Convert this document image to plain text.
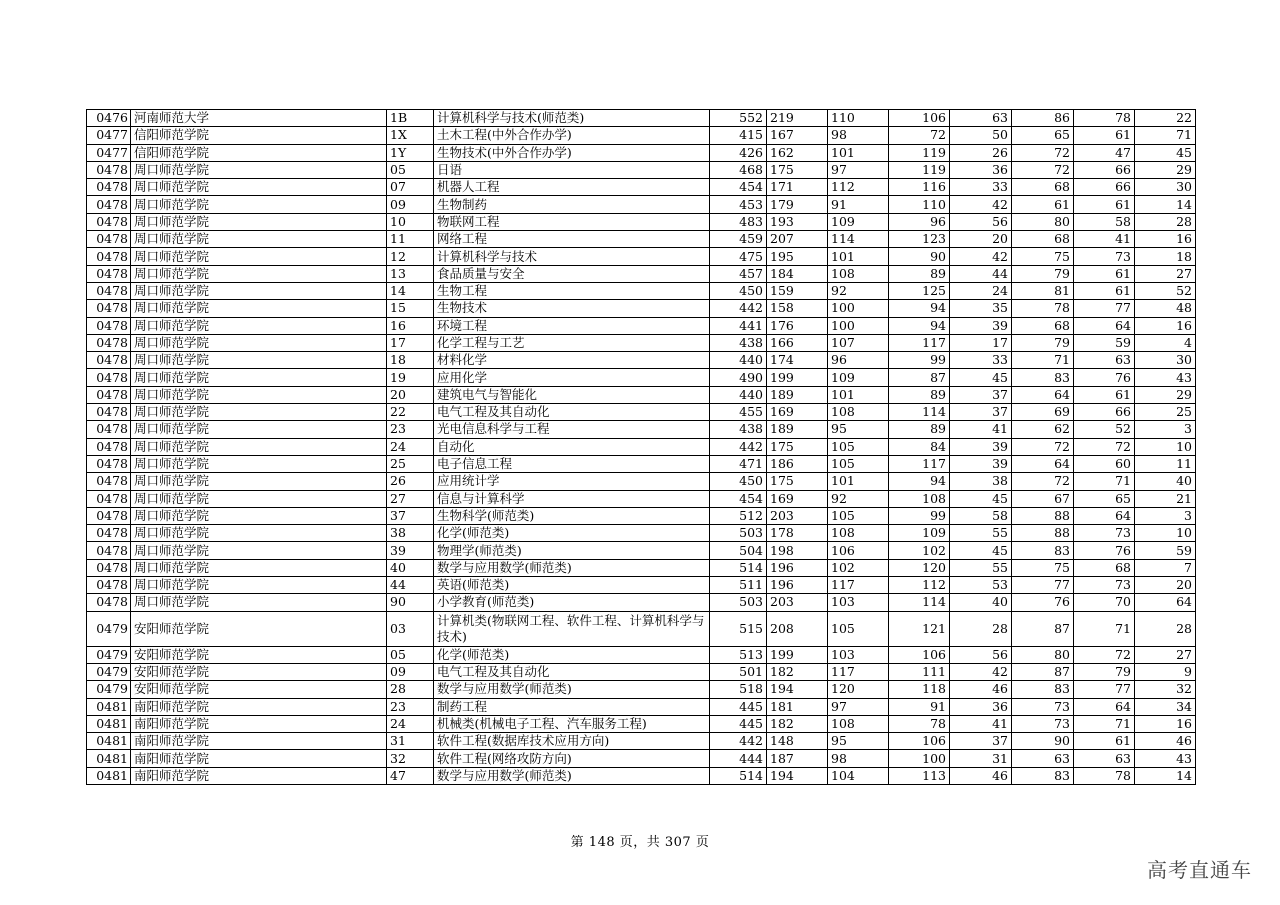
0476	河南师范大学	1B	计算机科学与技术(师范类)	552	219	110	106	63	86	78	22
0477	信阳师范学院	1X	土木工程(中外合作办学)	415	167	98	72	50	65	61	71
0477	信阳师范学院	1Y	生物技术(中外合作办学)	426	162	101	119	26	72	47	45
0478	周口师范学院	05	日语	468	175	97	119	36	72	66	29
0478	周口师范学院	07	机器人工程	454	171	112	116	33	68	66	30
0478	周口师范学院	09	生物制药	453	179	91	110	42	61	61	14
0478	周口师范学院	10	物联网工程	483	193	109	96	56	80	58	28
0478	周口师范学院	11	网络工程	459	207	114	123	20	68	41	16
0478	周口师范学院	12	计算机科学与技术	475	195	101	90	42	75	73	18
0478	周口师范学院	13	食品质量与安全	457	184	108	89	44	79	61	27
0478	周口师范学院	14	生物工程	450	159	92	125	24	81	61	52
0478	周口师范学院	15	生物技术	442	158	100	94	35	78	77	48
0478	周口师范学院	16	环境工程	441	176	100	94	39	68	64	16
0478	周口师范学院	17	化学工程与工艺	438	166	107	117	17	79	59	4
0478	周口师范学院	18	材料化学	440	174	96	99	33	71	63	30
0478	周口师范学院	19	应用化学	490	199	109	87	45	83	76	43
0478	周口师范学院	20	建筑电气与智能化	440	189	101	89	37	64	61	29
0478	周口师范学院	22	电气工程及其自动化	455	169	108	114	37	69	66	25
0478	周口师范学院	23	光电信息科学与工程	438	189	95	89	41	62	52	3
0478	周口师范学院	24	自动化	442	175	105	84	39	72	72	10
0478	周口师范学院	25	电子信息工程	471	186	105	117	39	64	60	11
0478	周口师范学院	26	应用统计学	450	175	101	94	38	72	71	40
0478	周口师范学院	27	信息与计算科学	454	169	92	108	45	67	65	21
0478	周口师范学院	37	生物科学(师范类)	512	203	105	99	58	88	64	3
0478	周口师范学院	38	化学(师范类)	503	178	108	109	55	88	73	10
0478	周口师范学院	39	物理学(师范类)	504	198	106	102	45	83	76	59
0478	周口师范学院	40	数学与应用数学(师范类)	514	196	102	120	55	75	68	7
0478	周口师范学院	44	英语(师范类)	511	196	117	112	53	77	73	20
0478	周口师范学院	90	小学教育(师范类)	503	203	103	114	40	76	70	64
0479	安阳师范学院	03	计算机类(物联网工程、软件工程、计算机科学与技术)	515	208	105	121	28	87	71	28
0479	安阳师范学院	05	化学(师范类)	513	199	103	106	56	80	72	27
0479	安阳师范学院	09	电气工程及其自动化	501	182	117	111	42	87	79	9
0479	安阳师范学院	28	数学与应用数学(师范类)	518	194	120	118	46	83	77	32
0481	南阳师范学院	23	制药工程	445	181	97	91	36	73	64	34
0481	南阳师范学院	24	机械类(机械电子工程、汽车服务工程)	445	182	108	78	41	73	71	16
0481	南阳师范学院	31	软件工程(数据库技术应用方向)	442	148	95	106	37	90	61	46
0481	南阳师范学院	32	软件工程(网络攻防方向)	444	187	98	100	31	63	63	43
0481	南阳师范学院	47	数学与应用数学(师范类)	514	194	104	113	46	83	78	14
第 148 页，共 307 页
高考直通车
